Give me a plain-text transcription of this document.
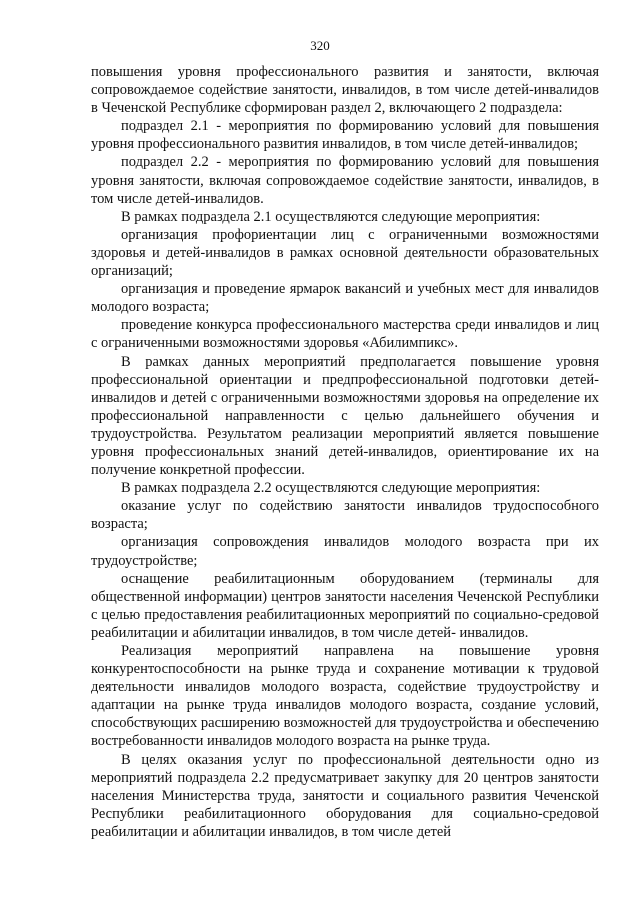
320

повышения уровня профессионального развития и занятости, включая сопровождаемое содействие занятости, инвалидов, в том числе детей-инвалидов в Чеченской Республике сформирован раздел 2, включающего 2 подраздела:

подраздел 2.1 - мероприятия по формированию условий для повышения уровня профессионального развития инвалидов, в том числе детей-инвалидов;

подраздел 2.2 - мероприятия по формированию условий для повышения уровня занятости, включая сопровождаемое содействие занятости, инвалидов, в том числе детей-инвалидов.

В рамках подраздела 2.1 осуществляются следующие мероприятия:

организация профориентации лиц с ограниченными возможностями здоровья и детей-инвалидов в рамках основной деятельности образовательных организаций;

организация и проведение ярмарок вакансий и учебных мест для инвалидов молодого возраста;

проведение конкурса профессионального мастерства среди инвалидов и лиц с ограниченными возможностями здоровья «Абилимпикс».

В рамках данных мероприятий предполагается повышение уровня профессиональной ориентации и предпрофессиональной подготовки детей-инвалидов и детей с ограниченными возможностями здоровья на определение их профессиональной направленности с целью дальнейшего обучения и трудоустройства. Результатом реализации мероприятий является повышение уровня профессиональных знаний детей-инвалидов, ориентирование их на получение конкретной профессии.

В рамках подраздела 2.2 осуществляются следующие мероприятия:

оказание услуг по содействию занятости инвалидов трудоспособного возраста;

организация сопровождения инвалидов молодого возраста при их трудоустройстве;

оснащение реабилитационным оборудованием (терминалы для общественной информации) центров занятости населения Чеченской Республики с целью предоставления реабилитационных мероприятий по социально-средовой реабилитации и абилитации инвалидов, в том числе детей- инвалидов.

Реализация мероприятий направлена на повышение уровня конкурентоспособности на рынке труда и сохранение мотивации к трудовой деятельности инвалидов молодого возраста, содействие трудоустройству и адаптации на рынке труда инвалидов молодого возраста, создание условий, способствующих расширению возможностей для трудоустройства и обеспечению востребованности инвалидов молодого возраста на рынке труда.

В целях оказания услуг по профессиональной деятельности одно из мероприятий подраздела 2.2 предусматривает закупку для 20 центров занятости населения Министерства труда, занятости и социального развития Чеченской Республики реабилитационного оборудования для социально-средовой реабилитации и абилитации инвалидов, в том числе детей
